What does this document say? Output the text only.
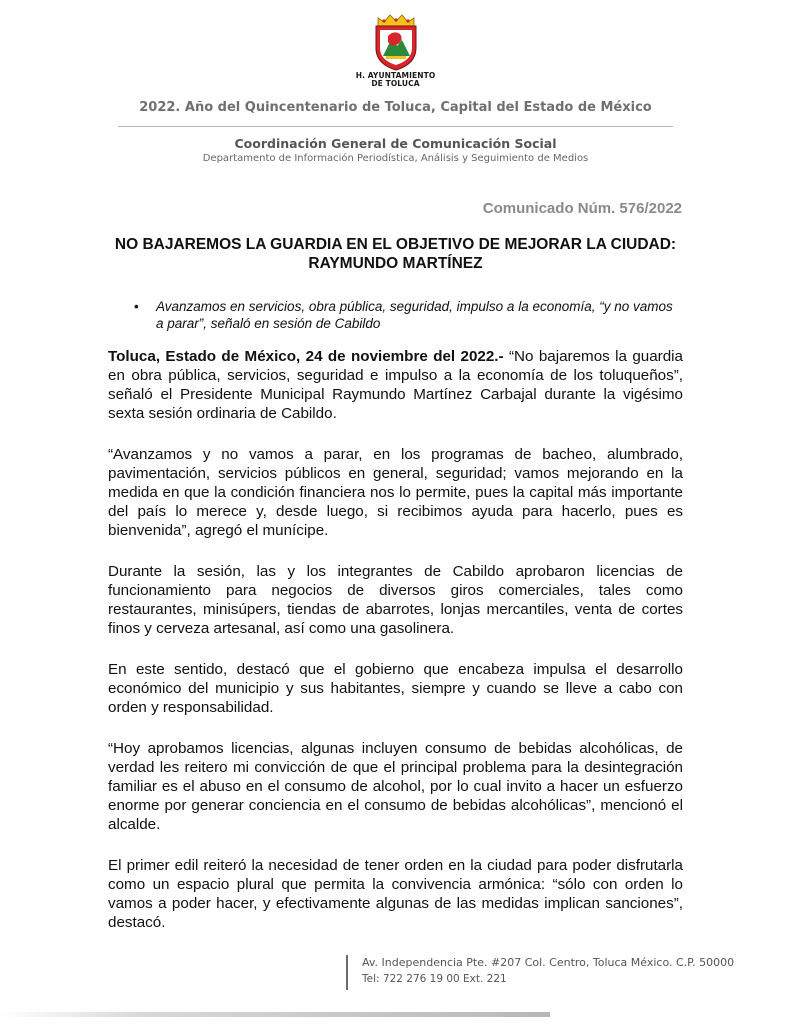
H. AYUNTAMIENTO
DE TOLUCA
2022. Año del Quincentenario de Toluca, Capital del Estado de México
Coordinación General de Comunicación Social
Departamento de Información Periodística, Análisis y Seguimiento de Medios
Comunicado Núm. 576/2022
NO BAJAREMOS LA GUARDIA EN EL OBJETIVO DE MEJORAR LA CIUDAD:
RAYMUNDO MARTÍNEZ
• Avanzamos en servicios, obra pública, seguridad, impulso a la economía, “y no vamos a parar”, señaló en sesión de Cabildo

Toluca, Estado de México, 24 de noviembre del 2022.- “No bajaremos la guardia en obra pública, servicios, seguridad e impulso a la economía de los toluqueños”, señaló el Presidente Municipal Raymundo Martínez Carbajal durante la vigésimo sexta sesión ordinaria de Cabildo.

“Avanzamos y no vamos a parar, en los programas de bacheo, alumbrado, pavimentación, servicios públicos en general, seguridad; vamos mejorando en la medida en que la condición financiera nos lo permite, pues la capital más importante del país lo merece y, desde luego, si recibimos ayuda para hacerlo, pues es bienvenida”, agregó el munícipe.

Durante la sesión, las y los integrantes de Cabildo aprobaron licencias de funcionamiento para negocios de diversos giros comerciales, tales como restaurantes, minisúpers, tiendas de abarrotes, lonjas mercantiles, venta de cortes finos y cerveza artesanal, así como una gasolinera.

En este sentido, destacó que el gobierno que encabeza impulsa el desarrollo económico del municipio y sus habitantes, siempre y cuando se lleve a cabo con orden y responsabilidad.

“Hoy aprobamos licencias, algunas incluyen consumo de bebidas alcohólicas, de verdad les reitero mi convicción de que el principal problema para la desintegración familiar es el abuso en el consumo de alcohol, por lo cual invito a hacer un esfuerzo enorme por generar conciencia en el consumo de bebidas alcohólicas”, mencionó el alcalde.

El primer edil reiteró la necesidad de tener orden en la ciudad para poder disfrutarla como un espacio plural que permita la convivencia armónica: “sólo con orden lo vamos a poder hacer, y efectivamente algunas de las medidas implican sanciones”, destacó.

Av. Independencia Pte. #207 Col. Centro, Toluca México. C.P. 50000
Tel: 722 276 19 00 Ext. 221
